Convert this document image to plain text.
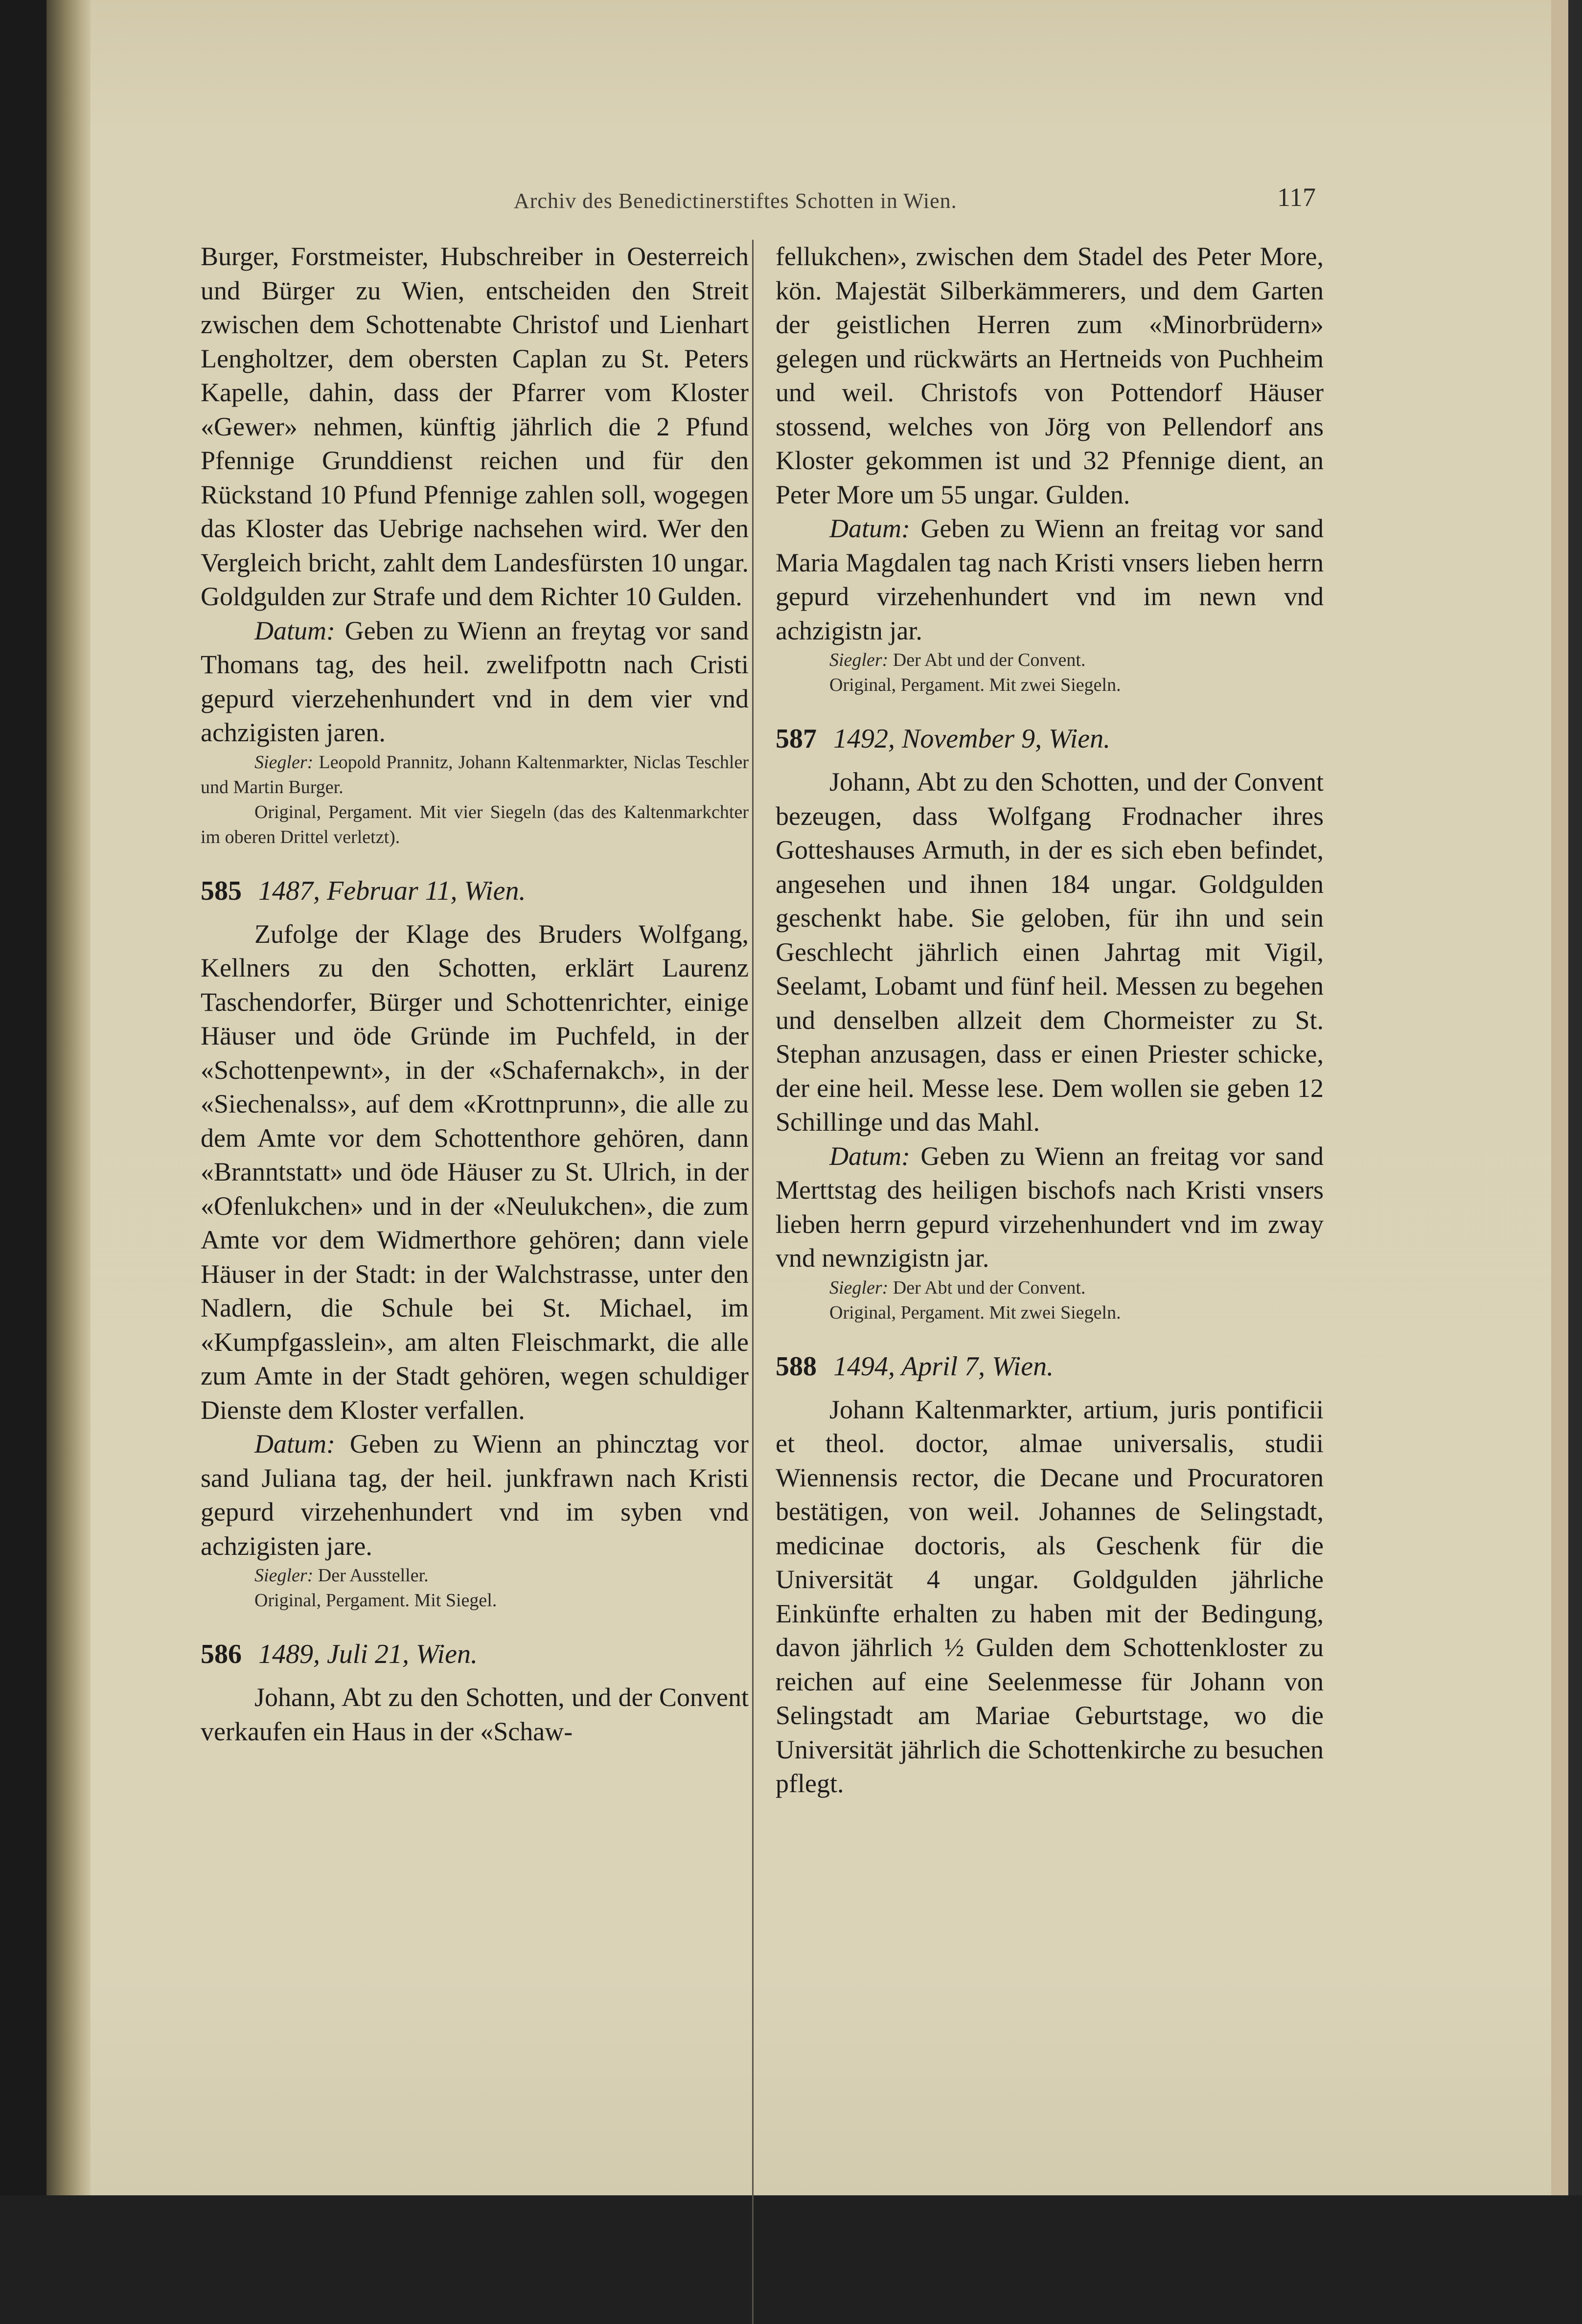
Archiv des Benedictinerstiftes Schotten in Wien.	117

Burger, Forstmeister, Hubschreiber in Oesterreich und Bürger zu Wien, entscheiden den Streit zwischen dem Schottenabte Christof und Lienhart Lengholtzer, dem obersten Caplan zu St. Peters Kapelle, dahin, dass der Pfarrer vom Kloster «Gewer» nehmen, künftig jährlich die 2 Pfund Pfennige Grunddienst reichen und für den Rückstand 10 Pfund Pfennige zahlen soll, wogegen das Kloster das Uebrige nachsehen wird. Wer den Vergleich bricht, zahlt dem Landesfürsten 10 ungar. Goldgulden zur Strafe und dem Richter 10 Gulden.

Datum: Geben zu Wienn an freytag vor sand Thomans tag, des heil. zwelifpottn nach Cristi gepurd vierzehenhundert vnd in dem vier vnd achzigisten jaren.

Siegler: Leopold Prannitz, Johann Kaltenmarkter, Niclas Teschler und Martin Burger.

Original, Pergament. Mit vier Siegeln (das des Kaltenmarkchter im oberen Drittel verletzt).

585 1487, Februar 11, Wien.

Zufolge der Klage des Bruders Wolfgang, Kellners zu den Schotten, erklärt Laurenz Taschendorfer, Bürger und Schottenrichter, einige Häuser und öde Gründe im Puchfeld, in der «Schottenpewnt», in der «Schafernakch», in der «Siechenalss», auf dem «Krottnprunn», die alle zu dem Amte vor dem Schottenthore gehören, dann «Branntstatt» und öde Häuser zu St. Ulrich, in der «Ofenlukchen» und in der «Neulukchen», die zum Amte vor dem Widmerthore gehören; dann viele Häuser in der Stadt: in der Walchstrasse, unter den Nadlern, die Schule bei St. Michael, im «Kumpfgasslein», am alten Fleischmarkt, die alle zum Amte in der Stadt gehören, wegen schuldiger Dienste dem Kloster verfallen.

Datum: Geben zu Wienn an phincztag vor sand Juliana tag, der heil. junkfrawn nach Kristi gepurd virzehenhundert vnd im syben vnd achzigisten jare.

Siegler: Der Aussteller.

Original, Pergament. Mit Siegel.

586 1489, Juli 21, Wien.

Johann, Abt zu den Schotten, und der Convent verkaufen ein Haus in der «Schaw-

fellukchen», zwischen dem Stadel des Peter More, kön. Majestät Silberkämmerers, und dem Garten der geistlichen Herren zum «Minorbrüdern» gelegen und rückwärts an Hertneids von Puchheim und weil. Christofs von Pottendorf Häuser stossend, welches von Jörg von Pellendorf ans Kloster gekommen ist und 32 Pfennige dient, an Peter More um 55 ungar. Gulden.

Datum: Geben zu Wienn an freitag vor sand Maria Magdalen tag nach Kristi vnsers lieben herrn gepurd virzehenhundert vnd im newn vnd achzigistn jar.

Siegler: Der Abt und der Convent.

Original, Pergament. Mit zwei Siegeln.

587 1492, November 9, Wien.

Johann, Abt zu den Schotten, und der Convent bezeugen, dass Wolfgang Frodnacher ihres Gotteshauses Armuth, in der es sich eben befindet, angesehen und ihnen 184 ungar. Goldgulden geschenkt habe. Sie geloben, für ihn und sein Geschlecht jährlich einen Jahrtag mit Vigil, Seelamt, Lobamt und fünf heil. Messen zu begehen und denselben allzeit dem Chormeister zu St. Stephan anzusagen, dass er einen Priester schicke, der eine heil. Messe lese. Dem wollen sie geben 12 Schillinge und das Mahl.

Datum: Geben zu Wienn an freitag vor sand Merttstag des heiligen bischofs nach Kristi vnsers lieben herrn gepurd virzehenhundert vnd im zway vnd newnzigistn jar.

Siegler: Der Abt und der Convent.

Original, Pergament. Mit zwei Siegeln.

588 1494, April 7, Wien.

Johann Kaltenmarkter, artium, juris pontificii et theol. doctor, almae universalis, studii Wiennensis rector, die Decane und Procuratoren bestätigen, von weil. Johannes de Selingstadt, medicinae doctoris, als Geschenk für die Universität 4 ungar. Goldgulden jährliche Einkünfte erhalten zu haben mit der Bedingung, davon jährlich ½ Gulden dem Schottenkloster zu reichen auf eine Seelenmesse für Johann von Selingstadt am Mariae Geburtstage, wo die Universität jährlich die Schottenkirche zu besuchen pflegt.
